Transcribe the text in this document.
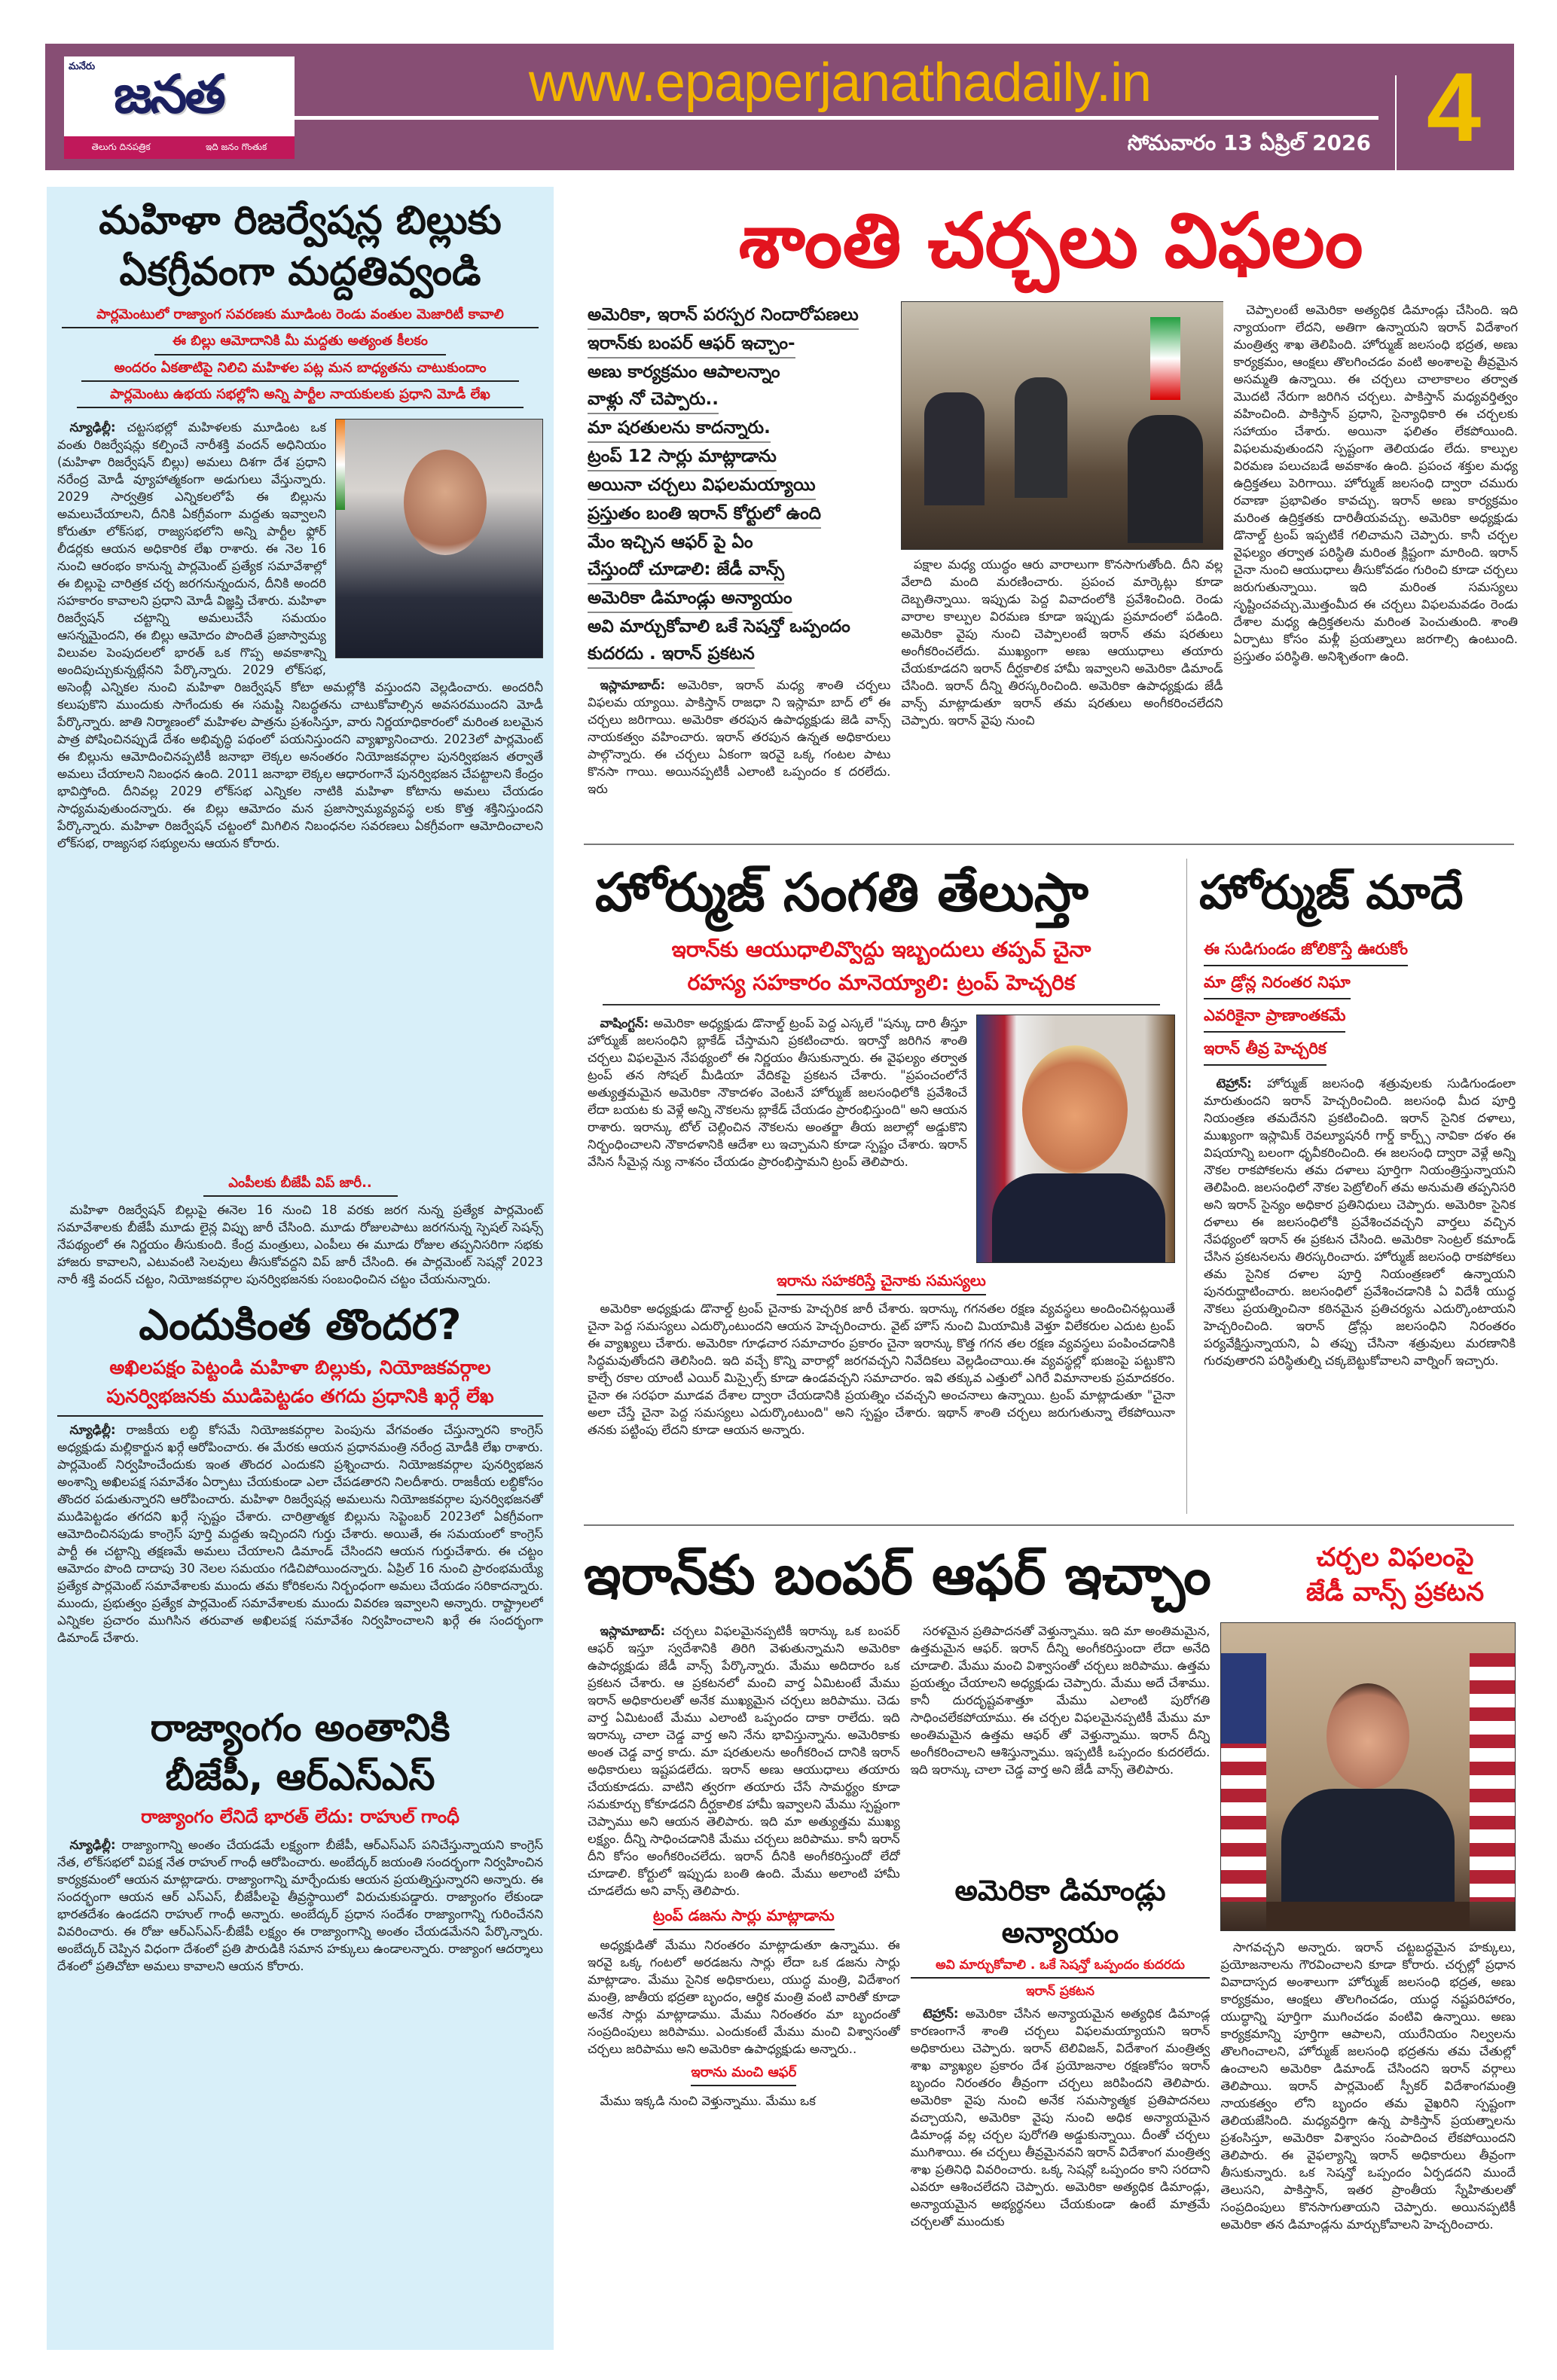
మనేరు జనత
తెలుగు దినపత్రిక	ఇది జనం గొంతుక
www.epaperjanathadaily.in
సోమవారం 13 ఏప్రిల్ 2026 4
మహిళా రిజర్వేషన్ల బిల్లుకు
ఏకగ్రీవంగా మద్దతివ్వండి
పార్లమెంటులో రాజ్యాంగ సవరణకు మూడింట రెండు వంతుల మెజారిటీ కావాలి
ఈ బిల్లు ఆమోదానికి మీ మద్దతు అత్యంత కీలకం
అందరం ఏకతాటిపై నిలిచి మహిళల పట్ల మన బాధ్యతను చాటుకుందాం
పార్లమెంటు ఉభయ సభల్లోని అన్ని పార్టీల నాయకులకు ప్రధాని మోడీ లేఖ

న్యూఢిల్లీ: చట్టసభల్లో మహిళలకు మూడింట ఒక వంతు రిజర్వేషన్లు కల్పించే నారీశక్తి వందన్ అధినియం (మహిళా రిజర్వేషన్ బిల్లు) అమలు దిశగా దేశ ప్రధాని నరేంద్ర మోడీ వ్యూహాత్మకంగా అడుగులు వేస్తున్నారు. 2029 సార్వత్రిక ఎన్నికలలోపే ఈ బిల్లును అమలుచేయాలని, దీనికి ఏకగ్రీవంగా మద్దతు ఇవ్వాలని కోరుతూ లోక్‌సభ, రాజ్యసభలోని అన్ని పార్టీల ఫ్లోర్ లీడర్లకు ఆయన అధికారిక లేఖ రాశారు. ఈ నెల 16 నుంచి ఆరంభం కానున్న పార్లమెంట్ ప్రత్యేక సమావేశాల్లో ఈ బిల్లుపై చారిత్రక చర్చ జరగనున్నందున, దీనికి అందరి సహకారం కావాలని ప్రధాని మోడీ విజ్ఞప్తి చేశారు. మహిళా రిజర్వేషన్ చట్టాన్ని అమలుచేసే సమయం ఆసన్నమైందని, ఈ బిల్లు ఆమోదం పొందితే ప్రజాస్వామ్య విలువల పెంపుదలలో భారత్ ఒక గొప్ప అవకాశాన్ని అందిపుచ్చుకున్నట్లేనని పేర్కొన్నారు. 2029 లోక్‌సభ, అసెంబ్లీ ఎన్నికల నుంచి మహిళా రిజర్వేషన్ కోటా అమల్లోకి వస్తుందని వెల్లడించారు. అందరినీ కలుపుకొని ముందుకు సాగేందుకు ఈ సమష్టి నిబద్ధతను చాటుకోవాల్సిన అవసరముందని మోడీ పేర్కొన్నారు. జాతి నిర్మాణంలో మహిళల పాత్రను ప్రశంసిస్తూ, వారు నిర్ణయాధికారంలో మరింత బలమైన పాత్ర పోషించినప్పుడే దేశం అభివృద్ధి పథంలో పయనిస్తుందని వ్యాఖ్యానించారు. 2023లో పార్లమెంట్ ఈ బిల్లును ఆమోదించినప్పటికీ జనాభా లెక్కల అనంతరం నియోజకవర్గాల పునర్విభజన తర్వాతే అమలు చేయాలని నిబంధన ఉంది. 2011 జనాభా లెక్కల ఆధారంగానే పునర్విభజన చేపట్టాలని కేంద్రం భావిస్తోంది. దీనివల్ల 2029 లోక్‌సభ ఎన్నికల నాటికి మహిళా కోటాను అమలు చేయడం సాధ్యమవుతుందన్నారు. ఈ బిల్లు ఆమోదం మన ప్రజాస్వామ్యవ్యవస్థ లకు కొత్త శక్తినిస్తుందని పేర్కొన్నారు. మహిళా రిజర్వేషన్ చట్టంలో మిగిలిన నిబంధనల సవరణలు ఏకగ్రీవంగా ఆమోదించాలని లోక్‌సభ, రాజ్యసభ సభ్యులను ఆయన కోరారు.

ఎంపీలకు బీజేపీ విప్ జారీ..

మహిళా రిజర్వేషన్ బిల్లుపై ఈనెల 16 నుంచి 18 వరకు జరగ నున్న ప్రత్యేక పార్లమెంట్ సమావేశాలకు బీజేపీ మూడు లైన్ల విప్పు జారీ చేసింది. మూడు రోజులపాటు జరగనున్న స్పెషల్ సెషన్స్ నేపథ్యంలో ఈ నిర్ణయం తీసుకుంది. కేంద్ర మంత్రులు, ఎంపీలు ఈ మూడు రోజుల తప్పనిసరిగా సభకు హాజరు కావాలని, ఎటువంటి సెలవులు తీసుకోవద్దని విప్ జారీ చేసింది. ఈ పార్లమెంట్ సెషన్లో 2023 నారీ శక్తి వందన్ చట్టం, నియోజకవర్గాల పునర్విభజనకు సంబంధించిన చట్టం చేయనున్నారు.

ఎందుకింత తొందర?
అఖిలపక్షం పెట్టండి మహిళా బిల్లుకు, నియోజకవర్గాల పునర్విభజనకు ముడిపెట్టడం తగదు ప్రధానికి ఖర్గే లేఖ

న్యూఢిల్లీ: రాజకీయ లబ్ధి కోసమే నియోజకవర్గాల పెంపును వేగవంతం చేస్తున్నారని కాంగ్రెస్ అధ్యక్షుడు మల్లికార్జున ఖర్గే ఆరోపించారు. ఈ మేరకు ఆయన ప్రధానమంత్రి నరేంద్ర మోడీకి లేఖ రాశారు. పార్లమెంట్ నిర్వహించేందుకు ఇంత తొందర ఎందుకని ప్రశ్నించారు. నియోజకవర్గాల పునర్విభజన అంశాన్ని అఖిలపక్ష సమావేశం ఏర్పాటు చేయకుండా ఎలా చేపడతారని నిలదీశారు. రాజకీయ లబ్ధికోసం తొందర పడుతున్నారని ఆరోపించారు. మహిళా రిజర్వేషన్ల అమలును నియోజకవర్గాల పునర్విభజనతో ముడిపెట్టడం తగదని ఖర్గే స్పష్టం చేశారు. చారిత్రాత్మక బిల్లును సెప్టెంబర్ 2023లో ఏకగ్రీవంగా ఆమోదించినపుడు కాంగ్రెస్ పూర్తి మద్దతు ఇచ్చిందని గుర్తు చేశారు. అయితే, ఈ సమయంలో కాంగ్రెస్ పార్టీ ఈ చట్టాన్ని తక్షణమే అమలు చేయాలని డిమాండ్ చేసిందని ఆయన గుర్తుచేశారు. ఈ చట్టం ఆమోదం పొంది దాదాపు 30 నెలల సమయం గడిచిపోయిందన్నారు. ఏప్రిల్ 16 నుంచి ప్రారంభమయ్యే ప్రత్యేక పార్లమెంట్ సమావేశాలకు ముందు తమ కోరికలను నిర్బంధంగా అమలు చేయడం సరికాదన్నారు. ముందు, ప్రభుత్వం ప్రత్యేక పార్లమెంట్ సమావేశాలకు ముందు వివరణ ఇవ్వాలని అన్నారు. రాష్ట్రాలలో ఎన్నికల ప్రచారం ముగిసిన తరువాత అఖిలపక్ష సమావేశం నిర్వహించాలని ఖర్గే ఈ సందర్భంగా డిమాండ్ చేశారు.

రాజ్యాంగం అంతానికి
బీజేపీ, ఆర్ఎస్ఎస్
రాజ్యాంగం లేనిదే భారత్ లేదు: రాహుల్ గాంధీ

న్యూఢిల్లీ: రాజ్యాంగాన్ని అంతం చేయడమే లక్ష్యంగా బీజేపీ, ఆర్ఎస్ఎస్ పనిచేస్తున్నాయని కాంగ్రెస్ నేత, లోక్‌సభలో విపక్ష నేత రాహుల్ గాంధీ ఆరోపించారు. అంబేద్కర్ జయంతి సందర్భంగా నిర్వహించిన కార్యక్రమంలో ఆయన మాట్లాడారు. రాజ్యాంగాన్ని మార్చేందుకు ఆయన ప్రయత్నిస్తున్నారని అన్నారు. ఈ సందర్భంగా ఆయన ఆర్ ఎస్ఎస్, బీజేపీలపై తీవ్రస్థాయిలో విరుచుకుపడ్డారు. రాజ్యాంగం లేకుండా భారతదేశం ఉండదని రాహుల్ గాంధీ అన్నారు. అంబేద్కర్ ప్రధాన సందేశం రాజ్యాంగాన్ని గురించేనని వివరించారు. ఈ రోజు ఆర్ఎస్ఎస్-బీజేపీ లక్ష్యం ఈ రాజ్యాంగాన్ని అంతం చేయడమేనని పేర్కొన్నారు. అంబేద్కర్ చెప్పిన విధంగా దేశంలో ప్రతి పౌరుడికి సమాన హక్కులు ఉండాలన్నారు. రాజ్యాంగ ఆదర్శాలు దేశంలో ప్రతిచోటా అమలు కావాలని ఆయన కోరారు.

శాంతి చర్చలు విఫలం
అమెరికా, ఇరాన్ పరస్పర నిందారోపణలు
ఇరాన్‌కు బంపర్ ఆఫర్ ఇచ్చాం-
అణు కార్యక్రమం ఆపాలన్నాం
వాళ్లు నో చెప్పారు..
మా షరతులను కాదన్నారు.
ట్రంప్ 12 సార్లు మాట్లాడాను
అయినా చర్చలు విఫలమయ్యాయి
ప్రస్తుతం బంతి ఇరాన్ కోర్టులో ఉంది
మేం ఇచ్చిన ఆఫర్ పై ఏం
చేస్తుందో చూడాలి: జేడీ వాన్స్
అమెరికా డిమాండ్లు అన్యాయం
అవి మార్చుకోవాలి ఒకే సెషన్తో ఒప్పందం
కుదరదు . ఇరాన్ ప్రకటన

ఇస్లామాబాద్: అమెరికా, ఇరాన్ మధ్య శాంతి చర్చలు విఫలమ య్యాయి. పాకిస్తాన్ రాజధా ని ఇస్లామా బాద్ లో ఈ చర్చలు జరిగాయి. అమెరికా తరపున ఉపాధ్యక్షుడు జెడి వాన్స్ నాయకత్వం వహించారు. ఇరాన్ తరపున ఉన్నత అధికారులు పాల్గొన్నారు. ఈ చర్చలు ఏకంగా ఇరవై ఒక్క గంటల పాటు కొనసా గాయి. అయినప్పటికీ ఎలాంటి ఒప్పందం క దరలేదు. ఇరు

పక్షాల మధ్య యుద్ధం ఆరు వారాలుగా కొనసాగుతోంది. దీని వల్ల వేలాది మంది మరణించారు. ప్రపంచ మార్కెట్లు కూడా దెబ్బతిన్నాయి. ఇప్పుడు పెద్ద వివాదంలోకి ప్రవేశించింది. రెండు వారాల కాల్పుల విరమణ కూడా ఇప్పుడు ప్రమాదంలో పడింది. అమెరికా వైపు నుంచి చెప్పాలంటే ఇరాన్ తమ షరతులు అంగీకరించలేదు. ముఖ్యంగా అణు ఆయుధాలు తయారు చేయకూడదని ఇరాన్ దీర్ఘకాలిక హామీ ఇవ్వాలని అమెరికా డిమాండ్ చేసింది. ఇరాన్ దీన్ని తిరస్కరించింది. అమెరికా ఉపాధ్యక్షుడు జేడీ వాన్స్ మాట్లాడుతూ ఇరాన్ తమ షరతులు అంగీకరించలేదని చెప్పారు. ఇరాన్ వైపు నుంచి

చెప్పాలంటే అమెరికా అత్యధిక డిమాండ్లు చేసింది. ఇది న్యాయంగా లేదని, అతిగా ఉన్నాయని ఇరాన్ విదేశాంగ మంత్రిత్వ శాఖ తెలిపింది. హోర్ముజ్ జలసంధి భద్రత, అణు కార్యక్రమం, ఆంక్షలు తొలగించడం వంటి అంశాలపై తీవ్రమైన అసమ్మతి ఉన్నాయి. ఈ చర్చలు చాలాకాలం తర్వాత మొదటి నేరుగా జరిగిన చర్చలు. పాకిస్తాన్ మధ్యవర్తిత్వం వహించింది. పాకిస్తాన్ ప్రధాని, సైన్యాధికారి ఈ చర్చలకు సహాయం చేశారు. అయినా ఫలితం లేకపోయింది. విఫలమవుతుందని స్పష్టంగా తెలియడం లేదు. కాల్పుల విరమణ పలుచబడే అవకాశం ఉంది. ప్రపంచ శక్తుల మధ్య ఉద్రిక్తతలు పెరిగాయి. హోర్ముజ్ జలసంధి ద్వారా చమురు రవాణా ప్రభావితం కావచ్చు. ఇరాన్ అణు కార్యక్రమం మరింత ఉద్రిక్తతకు దారితీయవచ్చు. అమెరికా అధ్యక్షుడు డొనాల్డ్ ట్రంప్ ఇప్పటికే గలిచామని చెప్పారు. కానీ చర్చల వైఫల్యం తర్వాత పరిస్థితి మరింత క్లిష్టంగా మారింది. ఇరాన్ చైనా నుంచి ఆయుధాలు తీసుకోవడం గురించి కూడా చర్చలు జరుగుతున్నాయి. ఇది మరింత సమస్యలు సృష్టించవచ్చు.మొత్తంమీద ఈ చర్చలు విఫలమవడం రెండు దేశాల మధ్య ఉద్రిక్తతలను మరింత పెంచుతుంది. శాంతి ఏర్పాటు కోసం మళ్లీ ప్రయత్నాలు జరగాల్సి ఉంటుంది. ప్రస్తుతం పరిస్థితి. అనిశ్చితంగా ఉంది.

హోర్ముజ్ సంగతి తేలుస్తా
ఇరాన్‌కు ఆయుధాలివ్వొద్దు ఇబ్బందులు తప్పవ్ చైనా
రహస్య సహకారం మానెయ్యాలి: ట్రంప్ హెచ్చరిక

వాషింగ్టన్: అమెరికా అధ్యక్షుడు డొనాల్డ్ ట్రంప్ పెద్ద ఎస్కలే "షన్కు దారి తీస్తూ హోర్ముజ్ జలసంధిని బ్లాకేడ్ చేస్తామని ప్రకటించారు. ఇరాన్తో జరిగిన శాంతి చర్చలు విఫలమైన నేపథ్యంలో ఈ నిర్ణయం తీసుకున్నారు. ఈ వైఫల్యం తర్వాత ట్రంప్ తన సోషల్ మీడియా వేదికపై ప్రకటన చేశారు. "ప్రపంచంలోనే అత్యుత్తమమైన అమెరికా నౌకాదళం వెంటనే హోర్ముజ్ జలసంధిలోకి ప్రవేశించే లేదా బయట కు వెళ్లే అన్ని నౌకలను బ్లాకేడ్ చేయడం ప్రారంభిస్తుంది" అని ఆయన రాశారు. ఇరాన్కు టోల్ చెల్లించిన నౌకలను అంతర్జా తీయ జలాల్లో అడ్డుకొని నిర్బంధించాలని నౌకాదళానికి ఆదేశా లు ఇచ్చామని కూడా స్పష్టం చేశారు. ఇరాన్ వేసిన సీమైన్ల న్యు నాశనం చేయడం ప్రారంభిస్తామని ట్రంప్ తెలిపారు.

ఇరాను సహకరిస్తే చైనాకు సమస్యలు

అమెరికా అధ్యక్షుడు డొనాల్డ్ ట్రంప్ చైనాకు హెచ్చరిక జారీ చేశారు. ఇరాన్కు గగనతల రక్షణ వ్యవస్థలు అందించినట్లయితే చైనా పెద్ద సమస్యలు ఎదుర్కొంటుందని ఆయన హెచ్చరించారు. వైట్ హౌస్ నుంచి మియామికి వెళ్తూ విలేకరుల ఎదుట ట్రంప్ ఈ వ్యాఖ్యలు చేశారు. అమెరికా గూఢచార సమాచారం ప్రకారం చైనా ఇరాన్కు కొత్త గగన తల రక్షణ వ్యవస్థలు పంపించడానికి సిద్ధమవుతోందని తెలిసింది. ఇది వచ్చే కొన్ని వారాల్లో జరగవచ్చని నివేదికలు వెల్లడించాయి.ఈ వ్యవస్థల్లో భుజంపై పట్టుకొని కాల్చే రకాల యాంటీ ఎయిర్ మిస్సైల్స్ కూడా ఉండవచ్చని సమాచారం. ఇవి తక్కువ ఎత్తులో ఎగిరే విమానాలకు ప్రమాదకరం. చైనా ఈ సరఫరా మూడవ దేశాల ద్వారా చేయడానికి ప్రయత్నిం చవచ్చని అంచనాలు ఉన్నాయి. ట్రంప్ మాట్లాడుతూ "చైనా అలా చేస్తే చైనా పెద్ద సమస్యలు ఎదుర్కొంటుంది" అని స్పష్టం చేశారు. ఇథాన్ శాంతి చర్చలు జరుగుతున్నా లేకపోయినా తనకు పట్టింపు లేదని కూడా ఆయన అన్నారు.

హోర్ముజ్ మాదే
ఈ సుడిగుండం జోలికొస్తే ఊరుకోం
మా డ్రోన్ల నిరంతర నిఘా
ఎవరికైనా ప్రాణాంతకమే
ఇరాన్ తీవ్ర హెచ్చరిక

టెహ్రాన్: హోర్ముజ్ జలసంధి శత్రువులకు సుడిగుండంలా మారుతుందని ఇరాన్ హెచ్చరించింది. జలసంధి మీద పూర్తి నియంత్రణ తమదేనని ప్రకటించింది. ఇరాన్ సైనిక దళాలు, ముఖ్యంగా ఇస్లామిక్ రెవల్యూషనరీ గార్డ్ కార్ప్స్ నావికా దళం ఈ విషయాన్ని బలంగా ధృవీకరించింది. ఈ జలసంధి ద్వారా వెళ్లే అన్ని నౌకల రాకపోకలను తమ దళాలు పూర్తిగా నియంత్రిస్తున్నాయని తెలిపింది. జలసంధిలో నౌకల పెట్రోలింగ్ తమ అనుమతి తప్పనిసరి అని ఇరాన్ సైన్యం అధికార ప్రతినిధులు చెప్పారు. అమెరికా సైనిక దళాలు ఈ జలసంధిలోకి ప్రవేశించవచ్చని వార్తలు వచ్చిన నేపథ్యంలో ఇరాన్ ఈ ప్రకటన చేసింది. అమెరికా సెంట్రల్ కమాండ్ చేసిన ప్రకటనలను తిరస్కరించారు. హోర్ముజ్ జలసంధి రాకపోకలు తమ సైనిక దళాల పూర్తి నియంత్రణలో ఉన్నాయని పునరుద్ఘాటించారు. జలసంధిలో ప్రవేశించడానికి ఏ విదేశీ యుద్ధ నౌకలు ప్రయత్నించినా కఠినమైన ప్రతిచర్యను ఎదుర్కొంటాయని హెచ్చరించింది. ఇరాన్ డ్రోన్లు జలసంధిని నిరంతరం పర్యవేక్షిస్తున్నాయని, ఏ తప్పు చేసినా శత్రువులు మరణానికి గురవుతారని పరిస్థితుల్ని చక్కబెట్టుకోవాలని వార్నింగ్ ఇచ్చారు.

ఇరాన్‌కు బంపర్ ఆఫర్ ఇచ్చాం	చర్చల విఫలంపై
జేడీ వాన్స్ ప్రకటన

ఇస్లామాబాద్: చర్చలు విఫలమైనప్పటికీ ఇరాన్కు ఒక బంపర్ ఆఫర్ ఇస్తూ స్వదేశానికి తిరిగి వెళుతున్నామని అమెరికా ఉపాధ్యక్షుడు జేడీ వాన్స్ పేర్కొన్నారు. మేము అదిదారం ఒక ప్రకటన చేశారు. ఆ ప్రకటనలో మంచి వార్త ఏమిటంటే మేము ఇరాన్ అధికారులతో అనేక ముఖ్యమైన చర్చలు జరిపాము. చెడు వార్త ఏమిటంటే మేము ఎలాంటి ఒప్పందం దాకా రాలేదు. ఇది ఇరాన్కు చాలా చెడ్డ వార్త అని నేను భావిస్తున్నాను. అమెరికాకు అంత చెడ్డ వార్త కాదు. మా షరతులను అంగీకరించ దానికి ఇరాన్ అధికారులు ఇష్టపడలేదు. ఇరాన్ అణు ఆయుధాలు తయారు చేయకూడదు. వాటిని త్వరగా తయారు చేసే సామర్థ్యం కూడా సమకూర్చు కోకూడదని దీర్ఘకాలిక హామీ ఇవ్వాలని మేము స్పష్టంగా చెప్పాము అని ఆయన తెలిపారు. ఇది మా అత్యుత్తమ ముఖ్య లక్ష్యం. దీన్ని సాధించడానికి మేము చర్చలు జరిపాము. కానీ ఇరాన్ దీని కోసం అంగీకరించలేదు. ఇరాన్ దీనికి అంగీకరిస్తుందో లేదో చూడాలి. కోర్టులో ఇప్పుడు బంతి ఉంది. మేము అలాంటి హామీ చూడలేదు అని వాన్స్ తెలిపారు.

ట్రంప్ డజను సార్లు మాట్లాడాను

అధ్యక్షుడితో మేము నిరంతరం మాట్లాడుతూ ఉన్నాము. ఈ ఇరవై ఒక్క గంటలో అరడజను సార్లు లేదా ఒక డజను సార్లు మాట్లాడాం. మేము సైనిక అధికారులు, యుద్ధ మంత్రి, విదేశాంగ మంత్రి, జాతీయ భద్రతా బృందం, ఆర్థిక మంత్రి వంటి వారితో కూడా అనేక సార్లు మాట్లాడాము. మేము నిరంతరం మా బృందంతో సంప్రదింపులు జరిపాము. ఎందుకంటే మేము మంచి విశ్వాసంతో చర్చలు జరిపాము అని అమెరికా ఉపాధ్యక్షుడు అన్నారు..

ఇరాను మంచి ఆఫర్

మేము ఇక్కడి నుంచి వెళ్తున్నాము. మేము ఒక

సరళమైన ప్రతిపాదనతో వెళ్తున్నాము. ఇది మా అంతిమమైన, ఉత్తమమైన ఆఫర్. ఇరాన్ దీన్ని అంగీకరిస్తుందా లేదా అనేది చూడాలి. మేము మంచి విశ్వాసంతో చర్చలు జరిపాము. ఉత్తమ ప్రయత్నం చేయాలని అధ్యక్షుడు చెప్పారు. మేము అదే చేశాము. కానీ దురదృష్టవశాత్తూ మేము ఎలాంటి పురోగతి సాధించలేకపోయాము. ఈ చర్చల విఫలమైనప్పటికీ మేము మా అంతిమమైన ఉత్తమ ఆఫర్ తో వెళ్తున్నాము. ఇరాన్ దీన్ని అంగీకరించాలని ఆశిస్తున్నాము. ఇప్పటికీ ఒప్పందం కుదరలేదు. ఇది ఇరాన్కు చాలా చెడ్డ వార్త అని జేడీ వాన్స్ తెలిపారు.

అమెరికా డిమాండ్లు
అన్యాయం
అవి మార్చుకోవాలి . ఒకే సెషన్తో ఒప్పందం కుదరదు
ఇరాన్ ప్రకటన

టెహ్రాన్: అమెరికా చేసిన అన్యాయమైన అత్యధిక డిమాండ్ల కారణంగానే శాంతి చర్చలు విఫలమయ్యాయని ఇరాన్ అధికారులు చెప్పారు. ఇరాన్ టెలివిజన్, విదేశాంగ మంత్రిత్వ శాఖ వ్యాఖ్యల ప్రకారం దేశ ప్రయోజనాల రక్షణకోసం ఇరాన్ బృందం నిరంతరం తీవ్రంగా చర్చలు జరిపిందని తెలిపారు. అమెరికా వైపు నుంచి అనేక సమస్యాత్మక ప్రతిపాదనలు వచ్చాయని, అమెరికా వైపు నుంచి అధిక అన్యాయమైన డిమాండ్ల వల్ల చర్చల పురోగతి అడ్డుకున్నాయి. దీంతో చర్చలు ముగిశాయి. ఈ చర్చలు తీవ్రమైనవని ఇరాన్ విదేశాంగ మంత్రిత్వ శాఖ ప్రతినిధి వివరించారు. ఒక్క సెషన్లో ఒప్పందం కాని సరదాని ఎవరూ ఆశించలేదని చెప్పారు. అమెరికా అత్యధిక డిమాండ్లు, అన్యాయమైన అభ్యర్థనలు చేయకుండా ఉంటే మాత్రమే చర్చలతో ముందుకు

సాగవచ్చని అన్నారు. ఇరాన్ చట్టబద్ధమైన హక్కులు, ప్రయోజనాలను గౌరవించాలని కూడా కోరారు. చర్చల్లో ప్రధాన వివాదాస్పద అంశాలుగా హోర్ముజ్ జలసంధి భద్రత, అణు కార్యక్రమం, ఆంక్షలు తొలగించడం, యుద్ధ నష్టపరిహారం, యుద్ధాన్ని పూర్తిగా ముగించడం వంటివి ఉన్నాయి. అణు కార్యక్రమాన్ని పూర్తిగా ఆపాలని, యురేనియం నిల్వలను తొలగించాలని, హోర్ముజ్ జలసంధి భద్రతను తమ చేతుల్లో ఉంచాలని అమెరికా డిమాండ్ చేసిందని ఇరాన్ వర్గాలు తెలిపాయి. ఇరాన్ పార్లమెంట్ స్పీకర్ విదేశాంగమంత్రి నాయకత్వం లోని బృందం తమ వైఖరిని స్పష్టంగా తెలియజేసింది. మధ్యవర్తిగా ఉన్న పాకిస్తాన్ ప్రయత్నాలను ప్రశంసిస్తూ, అమెరికా విశ్వాసం సంపాదించ లేకపోయిందని తెలిపారు. ఈ వైఫల్యాన్ని ఇరాన్ అధికారులు తీవ్రంగా తీసుకున్నారు. ఒక సెషన్తో ఒప్పందం ఏర్పడదని ముందే తెలుసని, పాకిస్తాన్, ఇతర ప్రాంతీయ స్నేహితులతో సంప్రదింపులు కొనసాగుతాయని చెప్పారు. అయినప్పటికీ అమెరికా తన డిమాండ్లను మార్చుకోవాలని హెచ్చరించారు.
